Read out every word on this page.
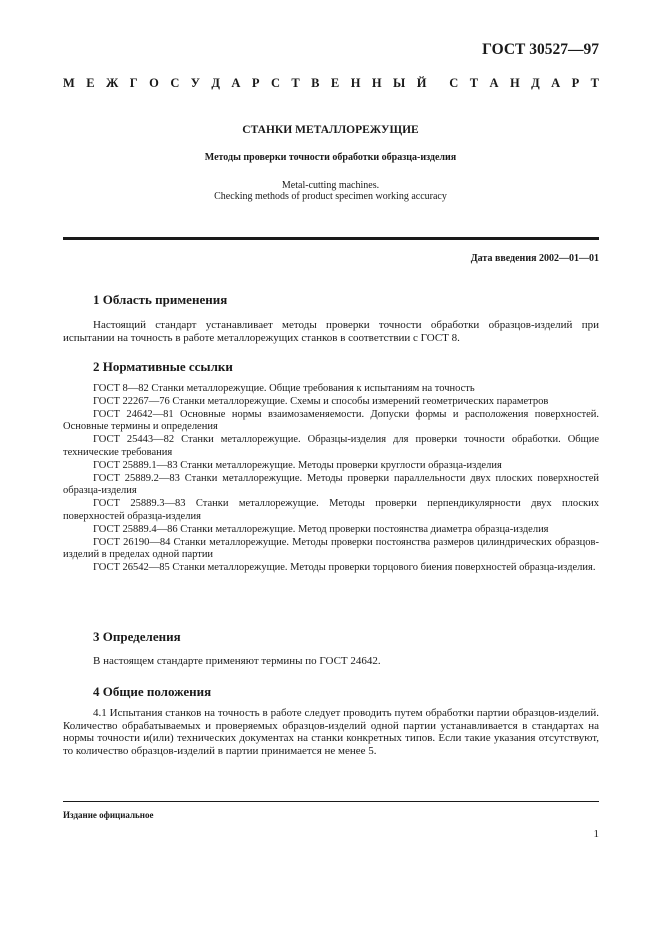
ГОСТ 30527—97
М Е Ж Г О С У Д А Р С Т В Е Н Н Ы Й С Т А Н Д А Р Т
СТАНКИ МЕТАЛЛОРЕЖУЩИЕ
Методы проверки точности обработки образца-изделия
Metal-cutting machines.
Checking methods of product specimen working accuracy
Дата введения 2002—01—01
1 Область применения

Настоящий стандарт устанавливает методы проверки точности обработки образцов-изделий при испытании на точность в работе металлорежущих станков в соответствии с ГОСТ 8.

2 Нормативные ссылки

ГОСТ 8—82 Станки металлорежущие. Общие требования к испытаниям на точность

ГОСТ 22267—76 Станки металлорежущие. Схемы и способы измерений геометрических параметров

ГОСТ 24642—81 Основные нормы взаимозаменяемости. Допуски формы и расположения поверхностей. Основные термины и определения

ГОСТ 25443—82 Станки металлорежущие. Образцы-изделия для проверки точности обработки. Общие технические требования

ГОСТ 25889.1—83 Станки металлорежущие. Методы проверки круглости образца-изделия

ГОСТ 25889.2—83 Станки металлорежущие. Методы проверки параллельности двух плоских поверхностей образца-изделия

ГОСТ 25889.3—83 Станки металлорежущие. Методы проверки перпендикулярности двух плоских поверхностей образца-изделия

ГОСТ 25889.4—86 Станки металлорежущие. Метод проверки постоянства диаметра образца-изделия

ГОСТ 26190—84 Станки металлорежущие. Методы проверки постоянства размеров цилиндрических образцов-изделий в пределах одной партии

ГОСТ 26542—85 Станки металлорежущие. Методы проверки торцового биения поверхностей образца-изделия.

3 Определения

В настоящем стандарте применяют термины по ГОСТ 24642.

4 Общие положения

4.1 Испытания станков на точность в работе следует проводить путем обработки партии образцов-изделий. Количество обрабатываемых и проверяемых образцов-изделий одной партии устанавливается в стандартах на нормы точности и(или) технических документах на станки конкретных типов. Если такие указания отсутствуют, то количество образцов-изделий в партии принимается не менее 5.

Издание официальное
1
